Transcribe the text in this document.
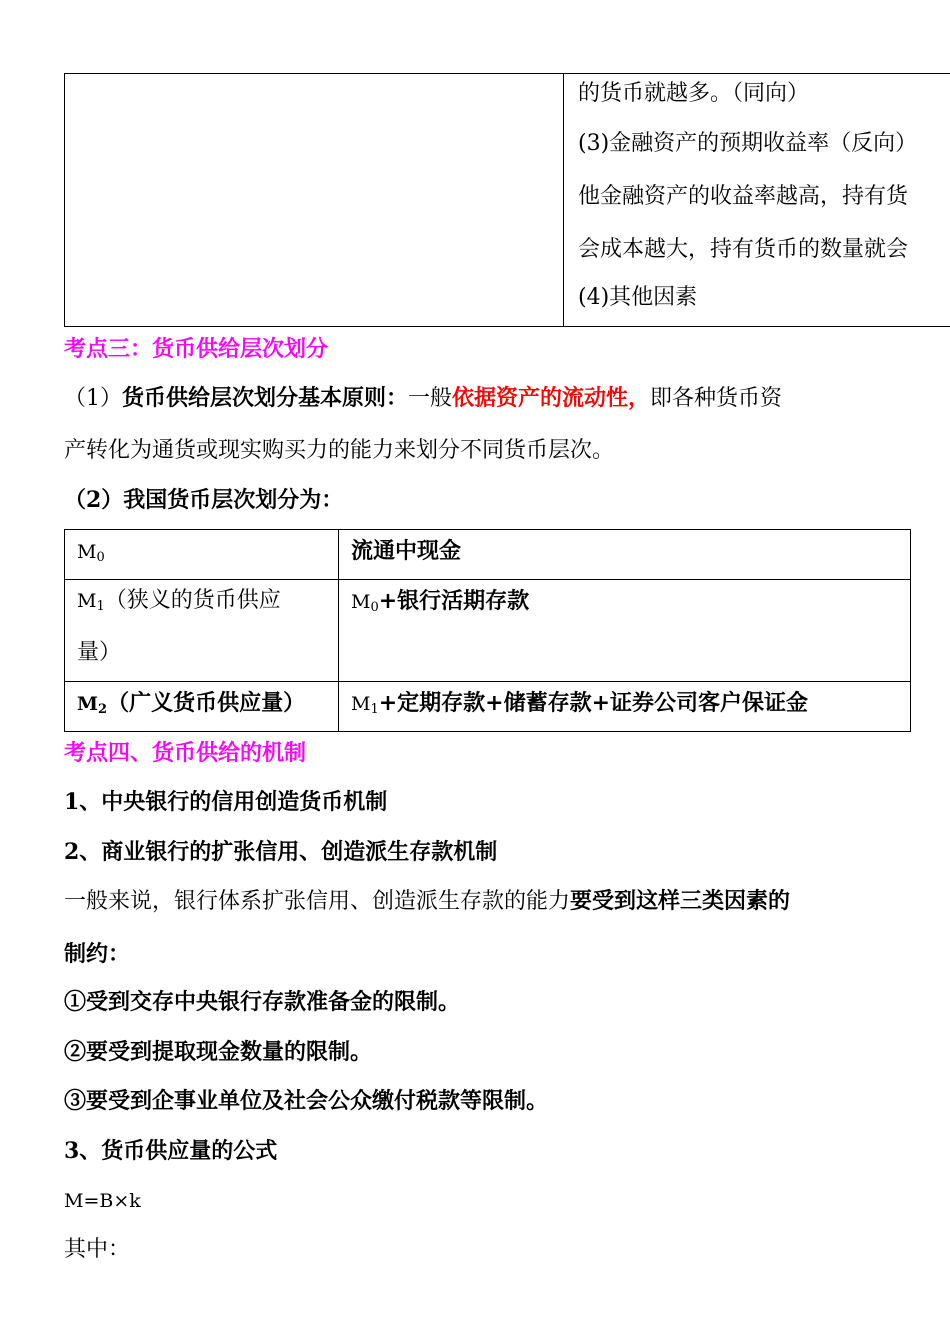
的货币就越多。（同向）
(3)金融资产的预期收益率（反向）
他金融资产的收益率越高，持有货
会成本越大，持有货币的数量就会
(4)其他因素
考点三：货币供给层次划分
（1）货币供给层次划分基本原则：一般依据资产的流动性，即各种货币资
产转化为通货或现实购买力的能力来划分不同货币层次。
（2）我国货币层次划分为：
$M_0$	流通中现金
$M_1$（狭义的货币供应
量）
$M_0+$银行活期存款
$M_2$（广义货币供应量） $M_1+$定期存款+储蓄存款+证券公司客户保证金
考点四、货币供给的机制
1、中央银行的信用创造货币机制
2、商业银行的扩张信用、创造派生存款机制
一般来说，银行体系扩张信用、创造派生存款的能力要受到这样三类因素的
制约：
①受到交存中央银行存款准备金的限制。
②要受到提取现金数量的限制。
③要受到企事业单位及社会公众缴付税款等限制。
3、货币供应量的公式
M=B×k
其中：
